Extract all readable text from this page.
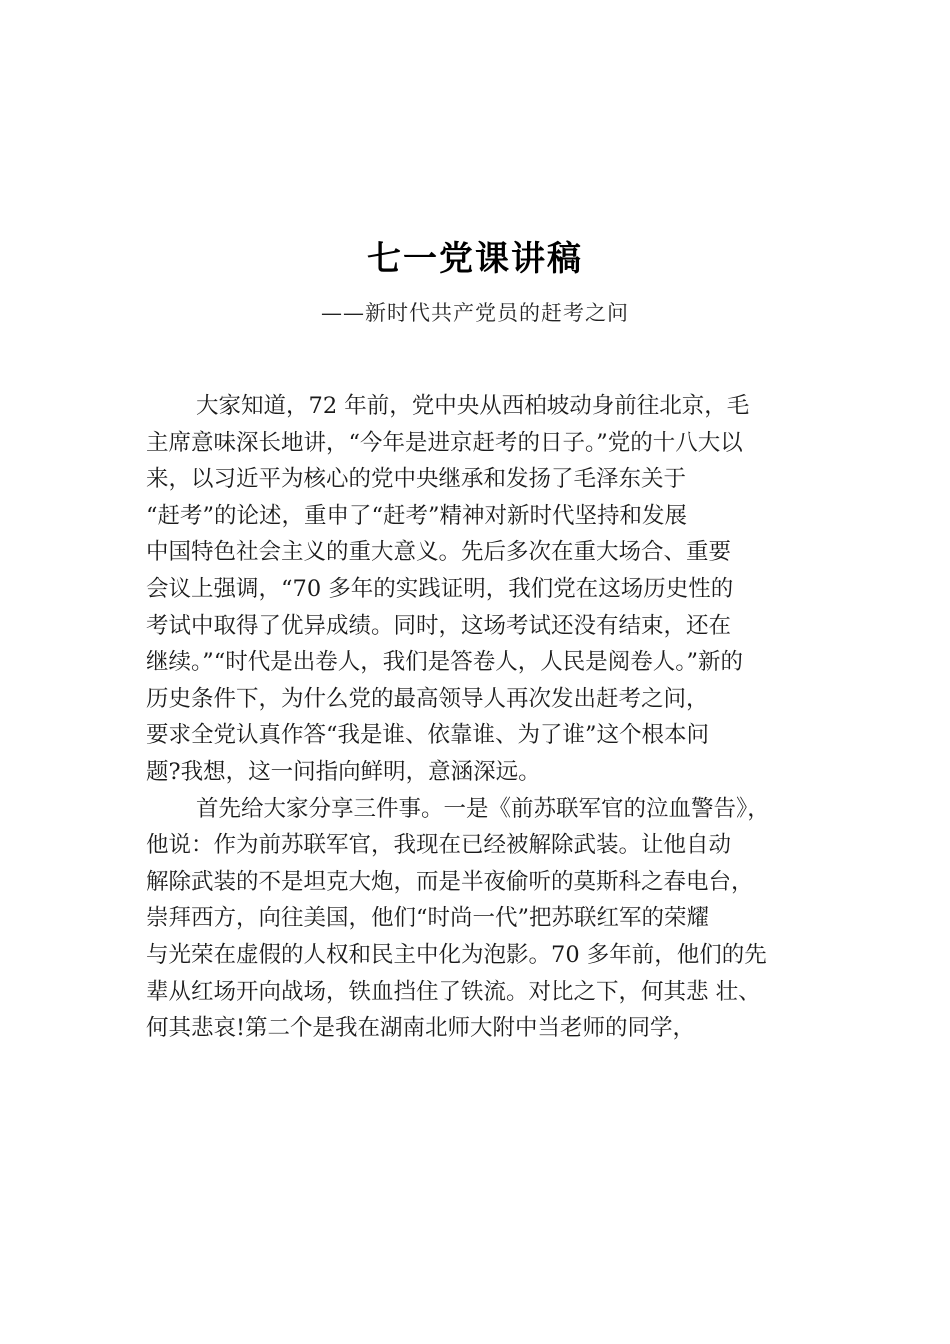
七一党课讲稿
——新时代共产党员的赶考之问
大家知道，72 年前，党中央从西柏坡动身前往北京，毛
主席意味深长地讲，“今年是进京赶考的日子。”党的十八大以
来，以习近平为核心的党中央继承和发扬了毛泽东关于
“赶考”的论述，重申了“赶考”精神对新时代坚持和发展
中国特色社会主义的重大意义。先后多次在重大场合、重要
会议上强调，“70 多年的实践证明，我们党在这场历史性的
考试中取得了优异成绩。同时，这场考试还没有结束，还在
继续。”“时代是出卷人，我们是答卷人，人民是阅卷人。”新的
历史条件下，为什么党的最高领导人再次发出赶考之问，
要求全党认真作答“我是谁、依靠谁、为了谁”这个根本问
题?我想，这一问指向鲜明，意涵深远。
首先给大家分享三件事。一是《前苏联军官的泣血警告》，
他说：作为前苏联军官，我现在已经被解除武装。让他自动
解除武装的不是坦克大炮，而是半夜偷听的莫斯科之春电台，
崇拜西方，向往美国，他们“时尚一代”把苏联红军的荣耀
与光荣在虚假的人权和民主中化为泡影。70 多年前，他们的先
辈从红场开向战场，铁血挡住了铁流。对比之下，何其悲 壮、
何其悲哀!第二个是我在湖南北师大附中当老师的同学，
